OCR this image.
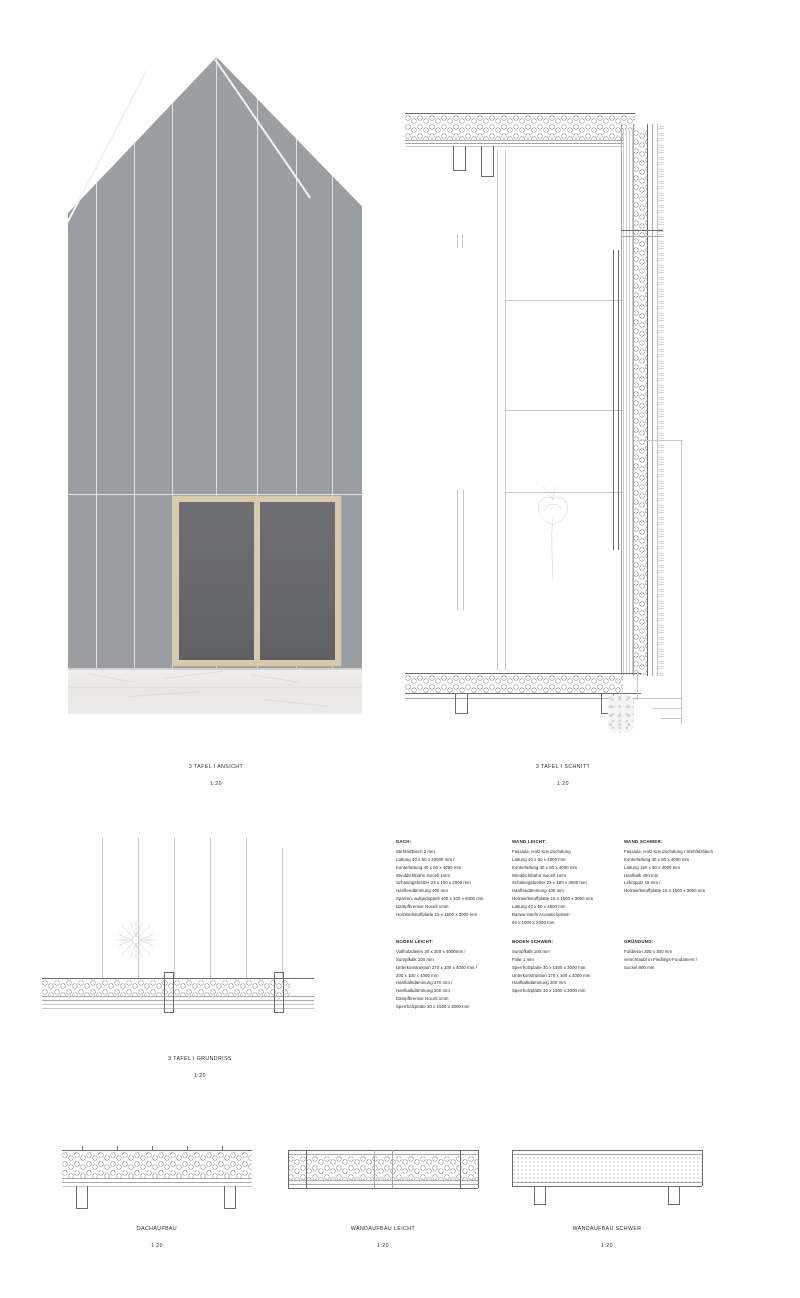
3 TAFEL I ANSICHT

1:20

3 TAFEL I SCHNITT

1:20

3 TAFEL I GRUNDRISS

1:20

DACH:
Stehfalzblech 2 mm
Lattung 40 x 60 x 40000 mm /
Konterlattung 40 x 60 x 4000 mm
Winddichtbahn Isocell 1mm
Schalungsbretter 23 x 100 x 2000 mm
Hanfleedämmung 400 mm
Sparren, aufgedoppelt 400 x 100 x 9400 mm
Dampfbremse Isocell 1mm
Holzwerkstoffplatte 15 x 1500 x 3000 mm
WAND LEICHT:
Fassade, Holz Kreuzschalung
Lattung 40 x 60 x 4000 mm
Konterlattung 40 x 60 x 4000 mm
Winddichtbahn Isocell 1mm
Schalungsbretter 23 x 100 x 3000 mm
Hanfleedämmung 400 mm
Holzwerkstoffplatte 15 x 1500 x 3000 mm
Lattung 40 x 50 x 4500 mm
Baswa Hanfs Acousticsystem
50 x 1000 x 2000 mm
WAND SCHWER:
Fassade, Holz Kreuzschalung / Stehfalzblech
Konterlattung 40 x 60 x 4000 mm
Lattung 150 x 80 x 4000 mm
Hanfkalk 400 mm
Lehmputz 15 mm /
Holzwerkstoffplatte 15 x 1500 x 3000 mm
BODEN LEICHT:
Vollholzdielen 30 x 300 x 4000mm /
Sumpfkalk 100 mm
Unterkonstruktion 270 x 100 x 4000 mm /
200 x 100 x 4000 mm
Hanfkalkdämmung 270 mm /
Hanfkalkdämmung 200 mm
Dampfbremse Isocell 1mm
Sperrholzplatte 30 x 1500 x 3000 mm
BODEN SCHWER:
Sumpfkalk 100 mm
Folie 1 mm
Sperrholzplatte 30 x 1500 x 3000 mm
Unterkonstruktion 170 x 100 x 4000 mm
Hanfkalkdämmung 200 mm
Sperrholzplatte 30 x 1500 x 3000 mm
GRÜNDUNG:
Fußbeton 300 x 300 mm
verschraubt in Findlings-Fundament /
Sockel 800 mm

DACHAUFBAU

1:20

WANDAUFBAU LEICHT

1:20

WANDAUFBAU SCHWER

1:20
